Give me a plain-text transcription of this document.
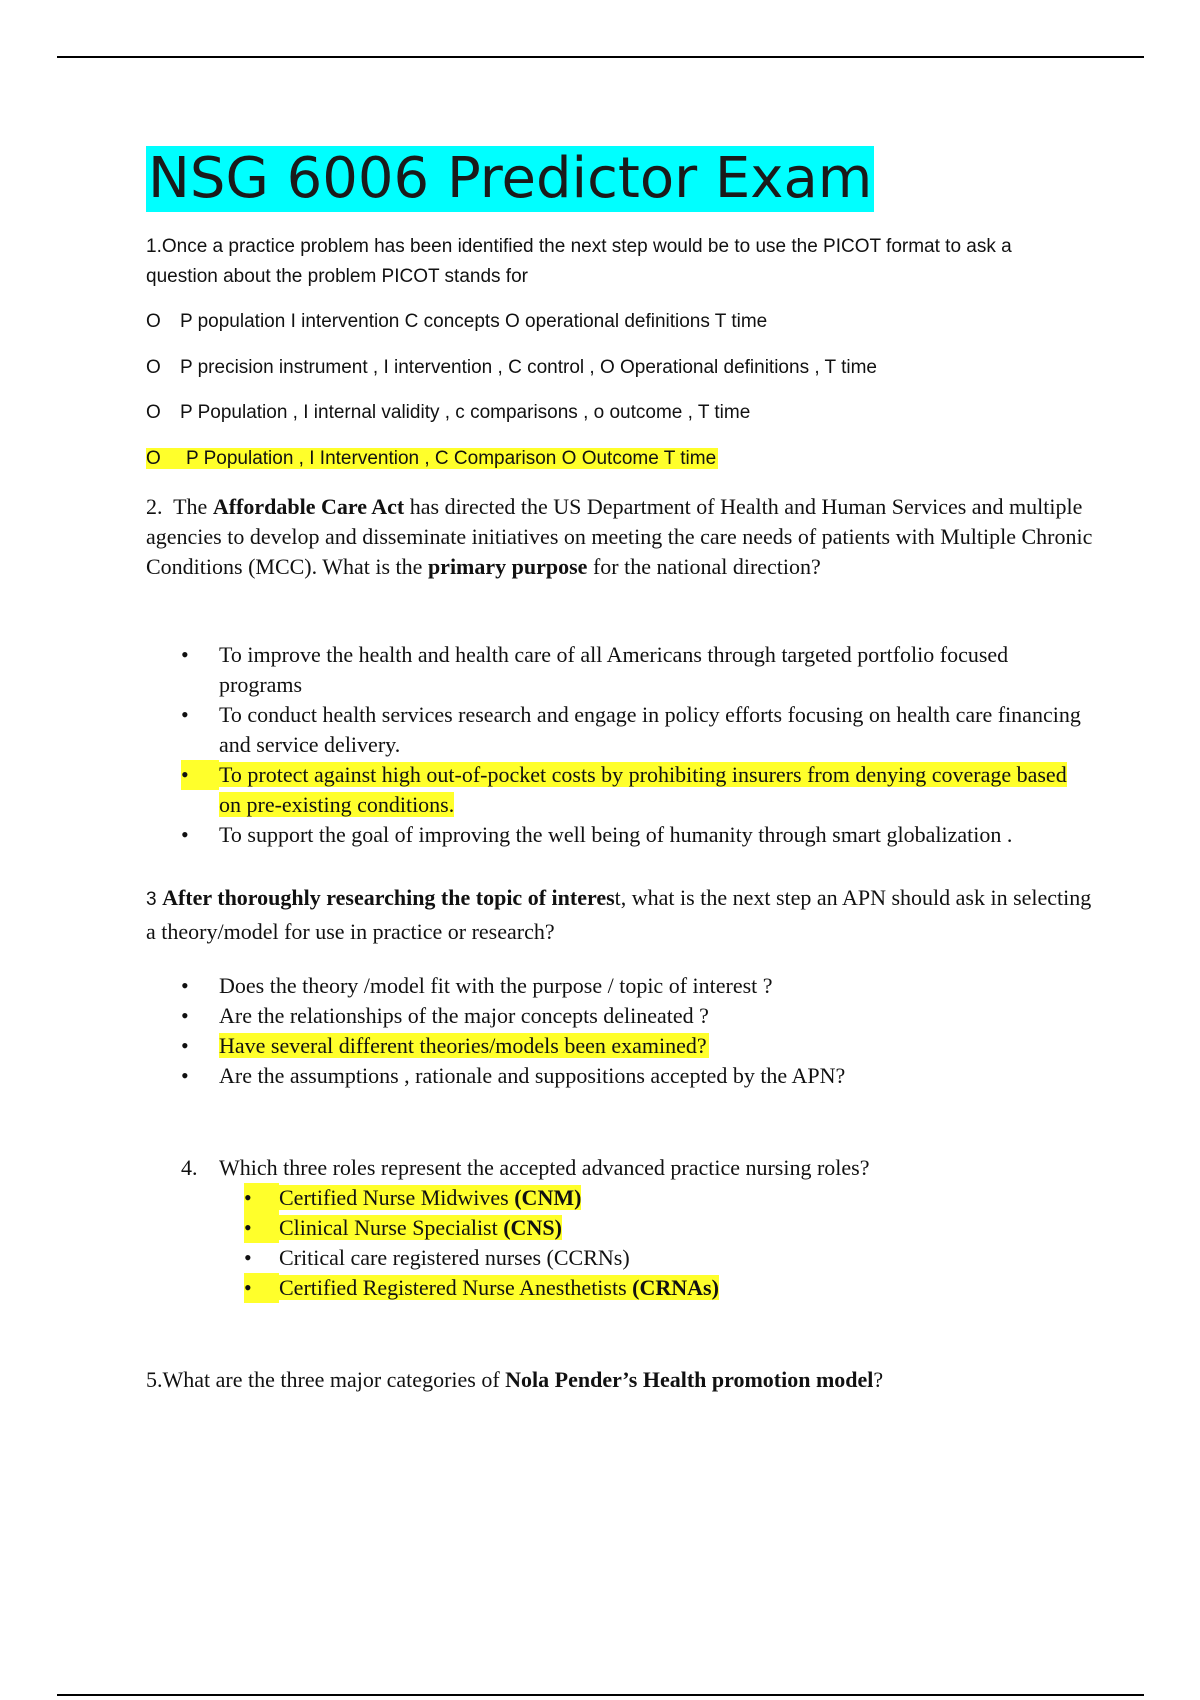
NSG 6006 Predictor Exam
1.Once a practice problem has been identified the next step would be to use the PICOT format to ask a question about the problem PICOT stands for
O P population I intervention C concepts O operational definitions T time
O P precision instrument , I intervention , C control , O Operational definitions , T time
O P Population , I internal validity , c comparisons , o outcome , T time
O P Population , I Intervention , C Comparison O Outcome T time
2. The Affordable Care Act has directed the US Department of Health and Human Services and multiple agencies to develop and disseminate initiatives on meeting the care needs of patients with Multiple Chronic Conditions (MCC). What is the primary purpose for the national direction?
•	To improve the health and health care of all Americans through targeted portfolio focused programs
•	To conduct health services research and engage in policy efforts focusing on health care financing and service delivery.
•	To protect against high out-of-pocket costs by prohibiting insurers from denying coverage based on pre-existing conditions.
•	To support the goal of improving the well being of humanity through smart globalization .
3 After thoroughly researching the topic of interest, what is the next step an APN should ask in selecting a theory/model for use in practice or research?
•	Does the theory /model fit with the purpose / topic of interest ?
•	Are the relationships of the major concepts delineated ?
• Have several different theories/models been examined?
•	Are the assumptions , rationale and suppositions accepted by the APN?
4. Which three roles represent the accepted advanced practice nursing roles?
• Certified Nurse Midwives (CNM)
• Clinical Nurse Specialist (CNS)
•	Critical care registered nurses (CCRNs)
• Certified Registered Nurse Anesthetists (CRNAs)
5.What are the three major categories of Nola Pender’s Health promotion model?
